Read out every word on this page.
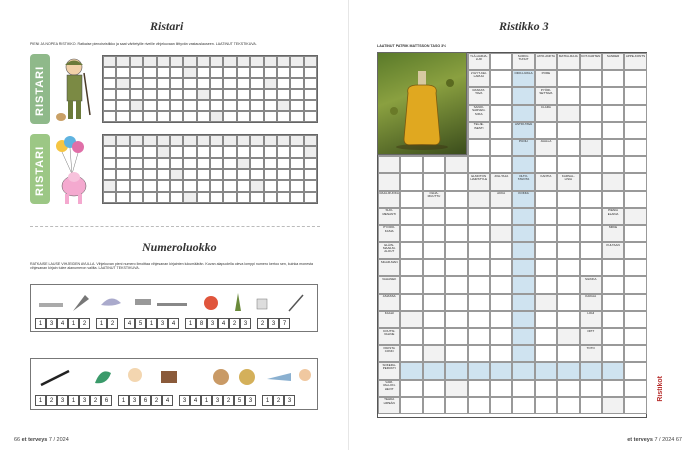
Ristari
PIENI JA NOPEA RISTIKKO. Ratkaise pienoisristikko ja saat väritetyille riveille vihjekuvaan liittyvän vastauslauseen. LAATINUT TEKSTIKUVA.
RISTARI
RISTARI
Numeroluokko
RATKAISE LAUSE VIHJEIDEN AVULLA. Vihjekuvan pieni numero ilmoittaa vihjesanan kirjainten lukumäärän. Kuvan alapuolella oleva lomppi numero kertoo sen, kuinka monesta vihjesanan kirjain tulee alanumeron valilta. LAATINUT TEKSTIKUVA.
1	3	4	1	2	1	2	4	5	1	3	4	1	8	3	4	2	3	2	3	7
1	2	3	1	3	2	6	1	3	6	2	4	3	4	1	3	2	5	3	1	2	3
66 et terveys 7 / 2024
Ristikko 3
LAATINUT PATRIK MATTSSON TASO 3½
YLÄ-HARJA-LUR
SURKU-TUNUT
JATO-ANKTA	MATKA-RAJA KOT-KARTEN	SANDER	APPE-KONTS
LYHYT-KEI-LARUH
ODO-LIUKLA	PORE
RASKAT-TAVA
PYÖRI-SETTAVA
SANOI-SARVEN-SIIKA
CLARA
TELJE-ISESTI
ASTIO-TAVA
PUOLI	JÄÄLLÄ
ELMOTON HAIRSTYLE
JOH-TAJA	OLTO-TAVOTA
KANTIA	KARSAL-LISIA
RAJA-RUOKA	OHJA-MUUTTU
AKKA	KOKKA
SUO-MENANTI
PIENIA ELAINA
PYÖRÖ-KASIA
MIIKE
ELÄIN-MAAILM-ALOUT
KULTAAN
SIGAR-MAN
VAHANEK	SILINKA
ASIASSA	KAIKAA
KAAHI	LOHI
KOUTSI-VALINE
OPIT
PAKSTA CONN
TOTO
SOKERA-PERUKTI
VÄRI-VALLON-HEVIT
TEHDÄ HIPEÄN
Ristikot
et terveys 7 / 2024 67
